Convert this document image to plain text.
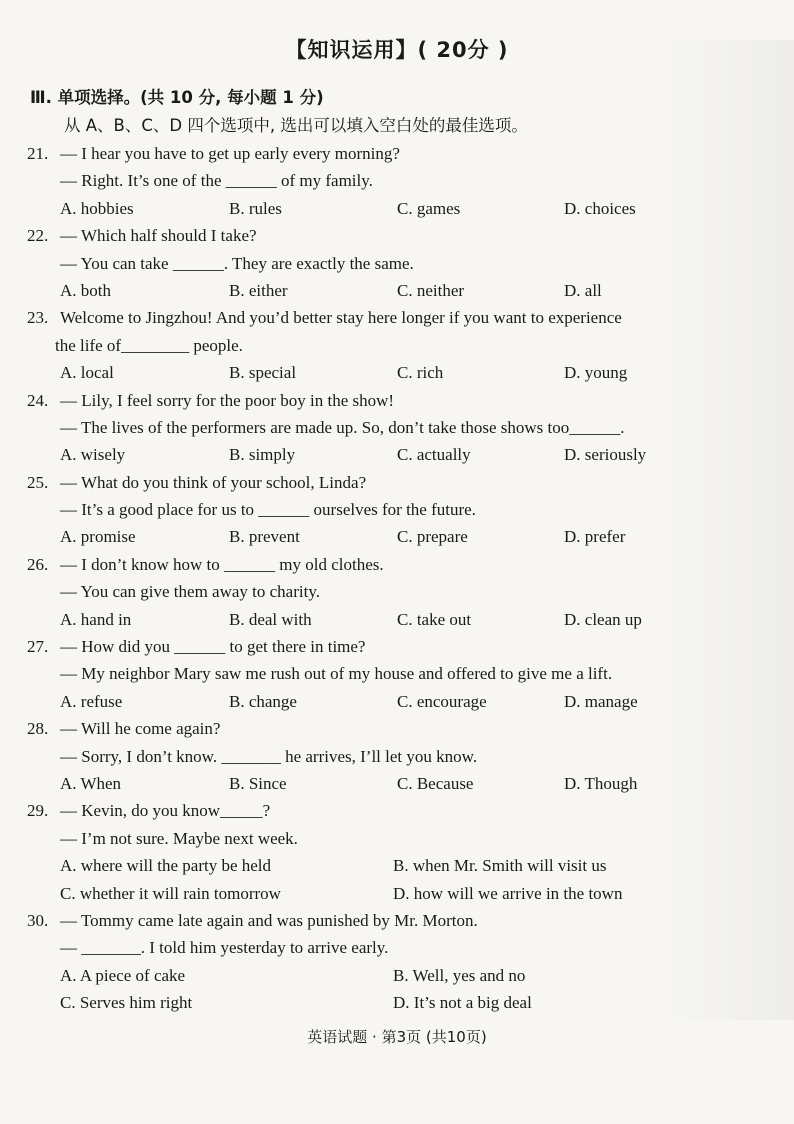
【知识运用】( 20分 )
Ⅲ. 单项选择。(共 10 分, 每小题 1 分)
从 A、B、C、D 四个选项中, 选出可以填入空白处的最佳选项。
21. — I hear you have to get up early every morning?
— Right. It’s one of the ______ of my family.
A. hobbies	B. rules	C. games	D. choices
22. — Which half should I take?
— You can take ______. They are exactly the same.
A. both	B. either	C. neither	D. all
23. Welcome to Jingzhou! And you’d better stay here longer if you want to experience
the life of________ people.
A. local	B. special	C. rich	D. young
24. — Lily, I feel sorry for the poor boy in the show!
— The lives of the performers are made up. So, don’t take those shows too______.
A. wisely	B. simply	C. actually	D. seriously
25. — What do you think of your school, Linda?
— It’s a good place for us to ______ ourselves for the future.
A. promise	B. prevent	C. prepare	D. prefer
26. — I don’t know how to ______ my old clothes.
— You can give them away to charity.
A. hand in	B. deal with	C. take out	D. clean up
27. — How did you ______ to get there in time?
— My neighbor Mary saw me rush out of my house and offered to give me a lift.
A. refuse	B. change	C. encourage	D. manage
28. — Will he come again?
— Sorry, I don’t know. _______ he arrives, I’ll let you know.
A. When	B. Since	C. Because	D. Though
29. — Kevin, do you know_____?
— I’m not sure. Maybe next week.
A. where will the party be held	B. when Mr. Smith will visit us
C. whether it will rain tomorrow	D. how will we arrive in the town
30. — Tommy came late again and was punished by Mr. Morton.
— _______. I told him yesterday to arrive early.
A. A piece of cake	B. Well, yes and no
C. Serves him right	D. It’s not a big deal
英语试题 · 第3页 (共10页)
